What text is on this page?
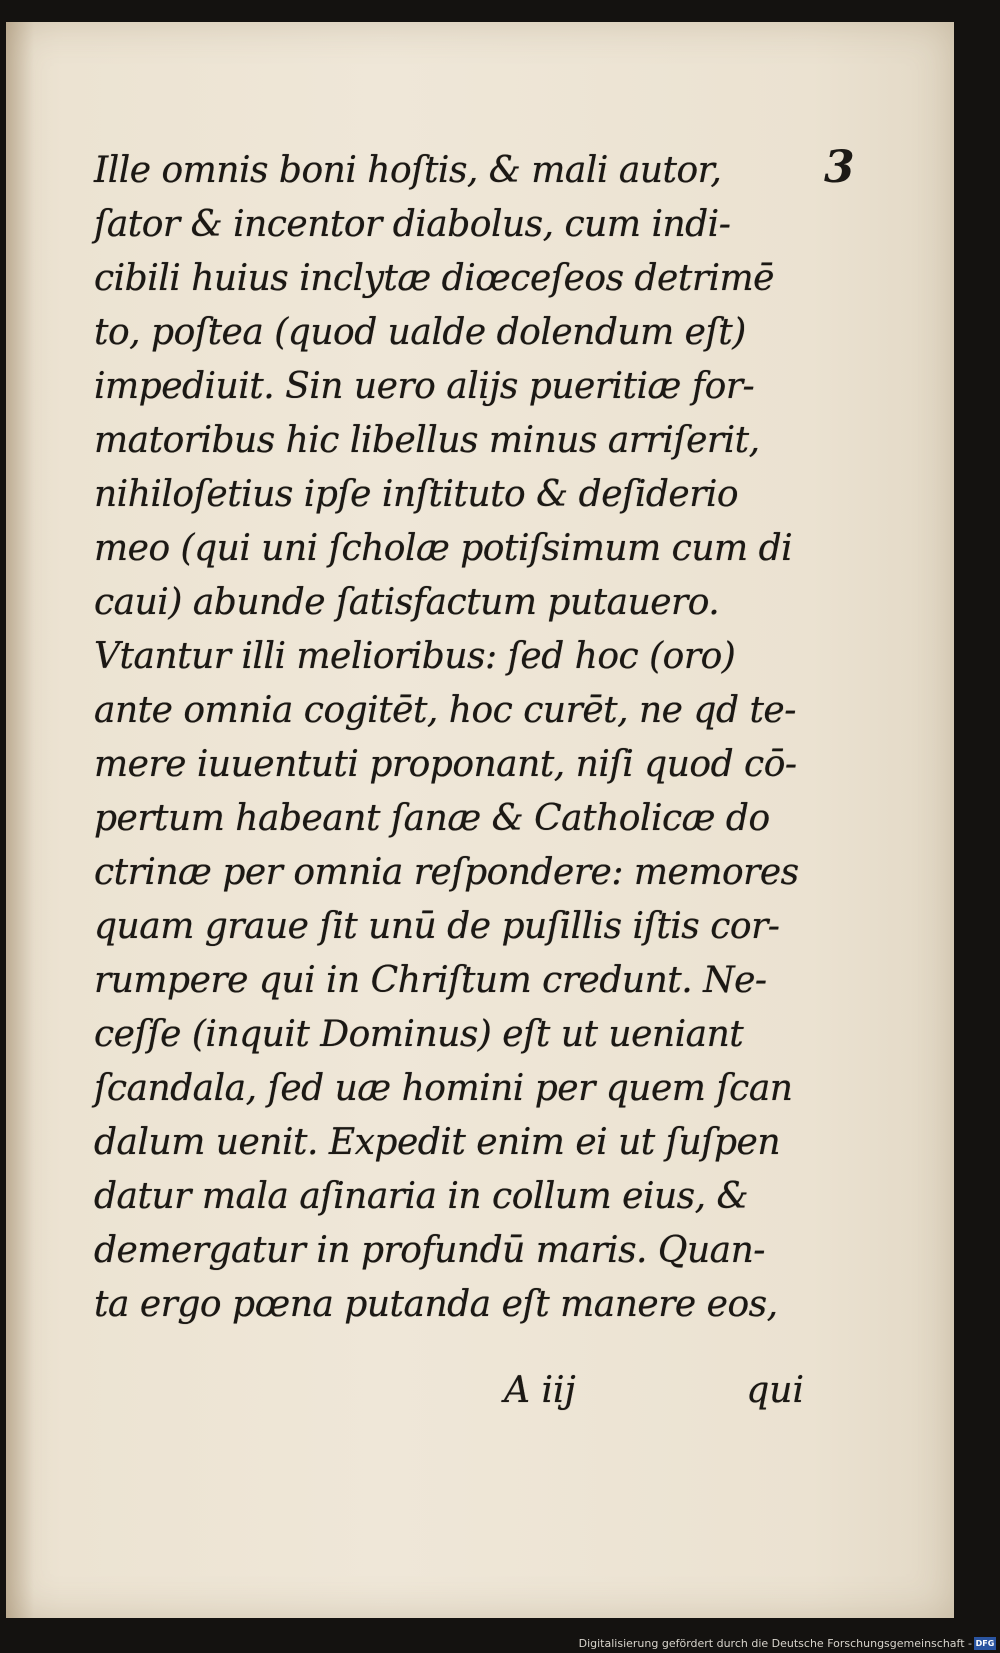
3
Ille omnis boni hoſtis, & mali autor,
ſator & incentor diabolus, cum indi-
cibili huius inclytæ diœceſeos detrimē
to, poſtea (quod ualde dolendum eſt)
impediuit. Sin uero alijs pueritiæ for-
matoribus hic libellus minus arriſerit,
nihiloſetius ipſe inſtituto & deſiderio
meo (qui uni ſcholæ potiſsimum cum di
caui) abunde ſatisfactum putauero.
Vtantur illi melioribus: ſed hoc (oro)
ante omnia cogitēt, hoc curēt, ne qd te-
mere iuuentuti proponant, niſi quod cō-
pertum habeant ſanæ & Catholicæ do
ctrinæ per omnia reſpondere: memores
quam graue ſit unū de puſillis iſtis cor-
rumpere qui in Chriſtum credunt. Ne-
ceſſe (inquit Dominus) eſt ut ueniant
ſcandala, ſed uæ homini per quem ſcan
dalum uenit. Expedit enim ei ut ſuſpen
datur mala aſinaria in collum eius, &
demergatur in profundū maris. Quan-
ta ergo pœna putanda eſt manere eos,
A iij	qui
Digitalisierung gefördert durch die Deutsche Forschungsgemeinschaft - DFG
